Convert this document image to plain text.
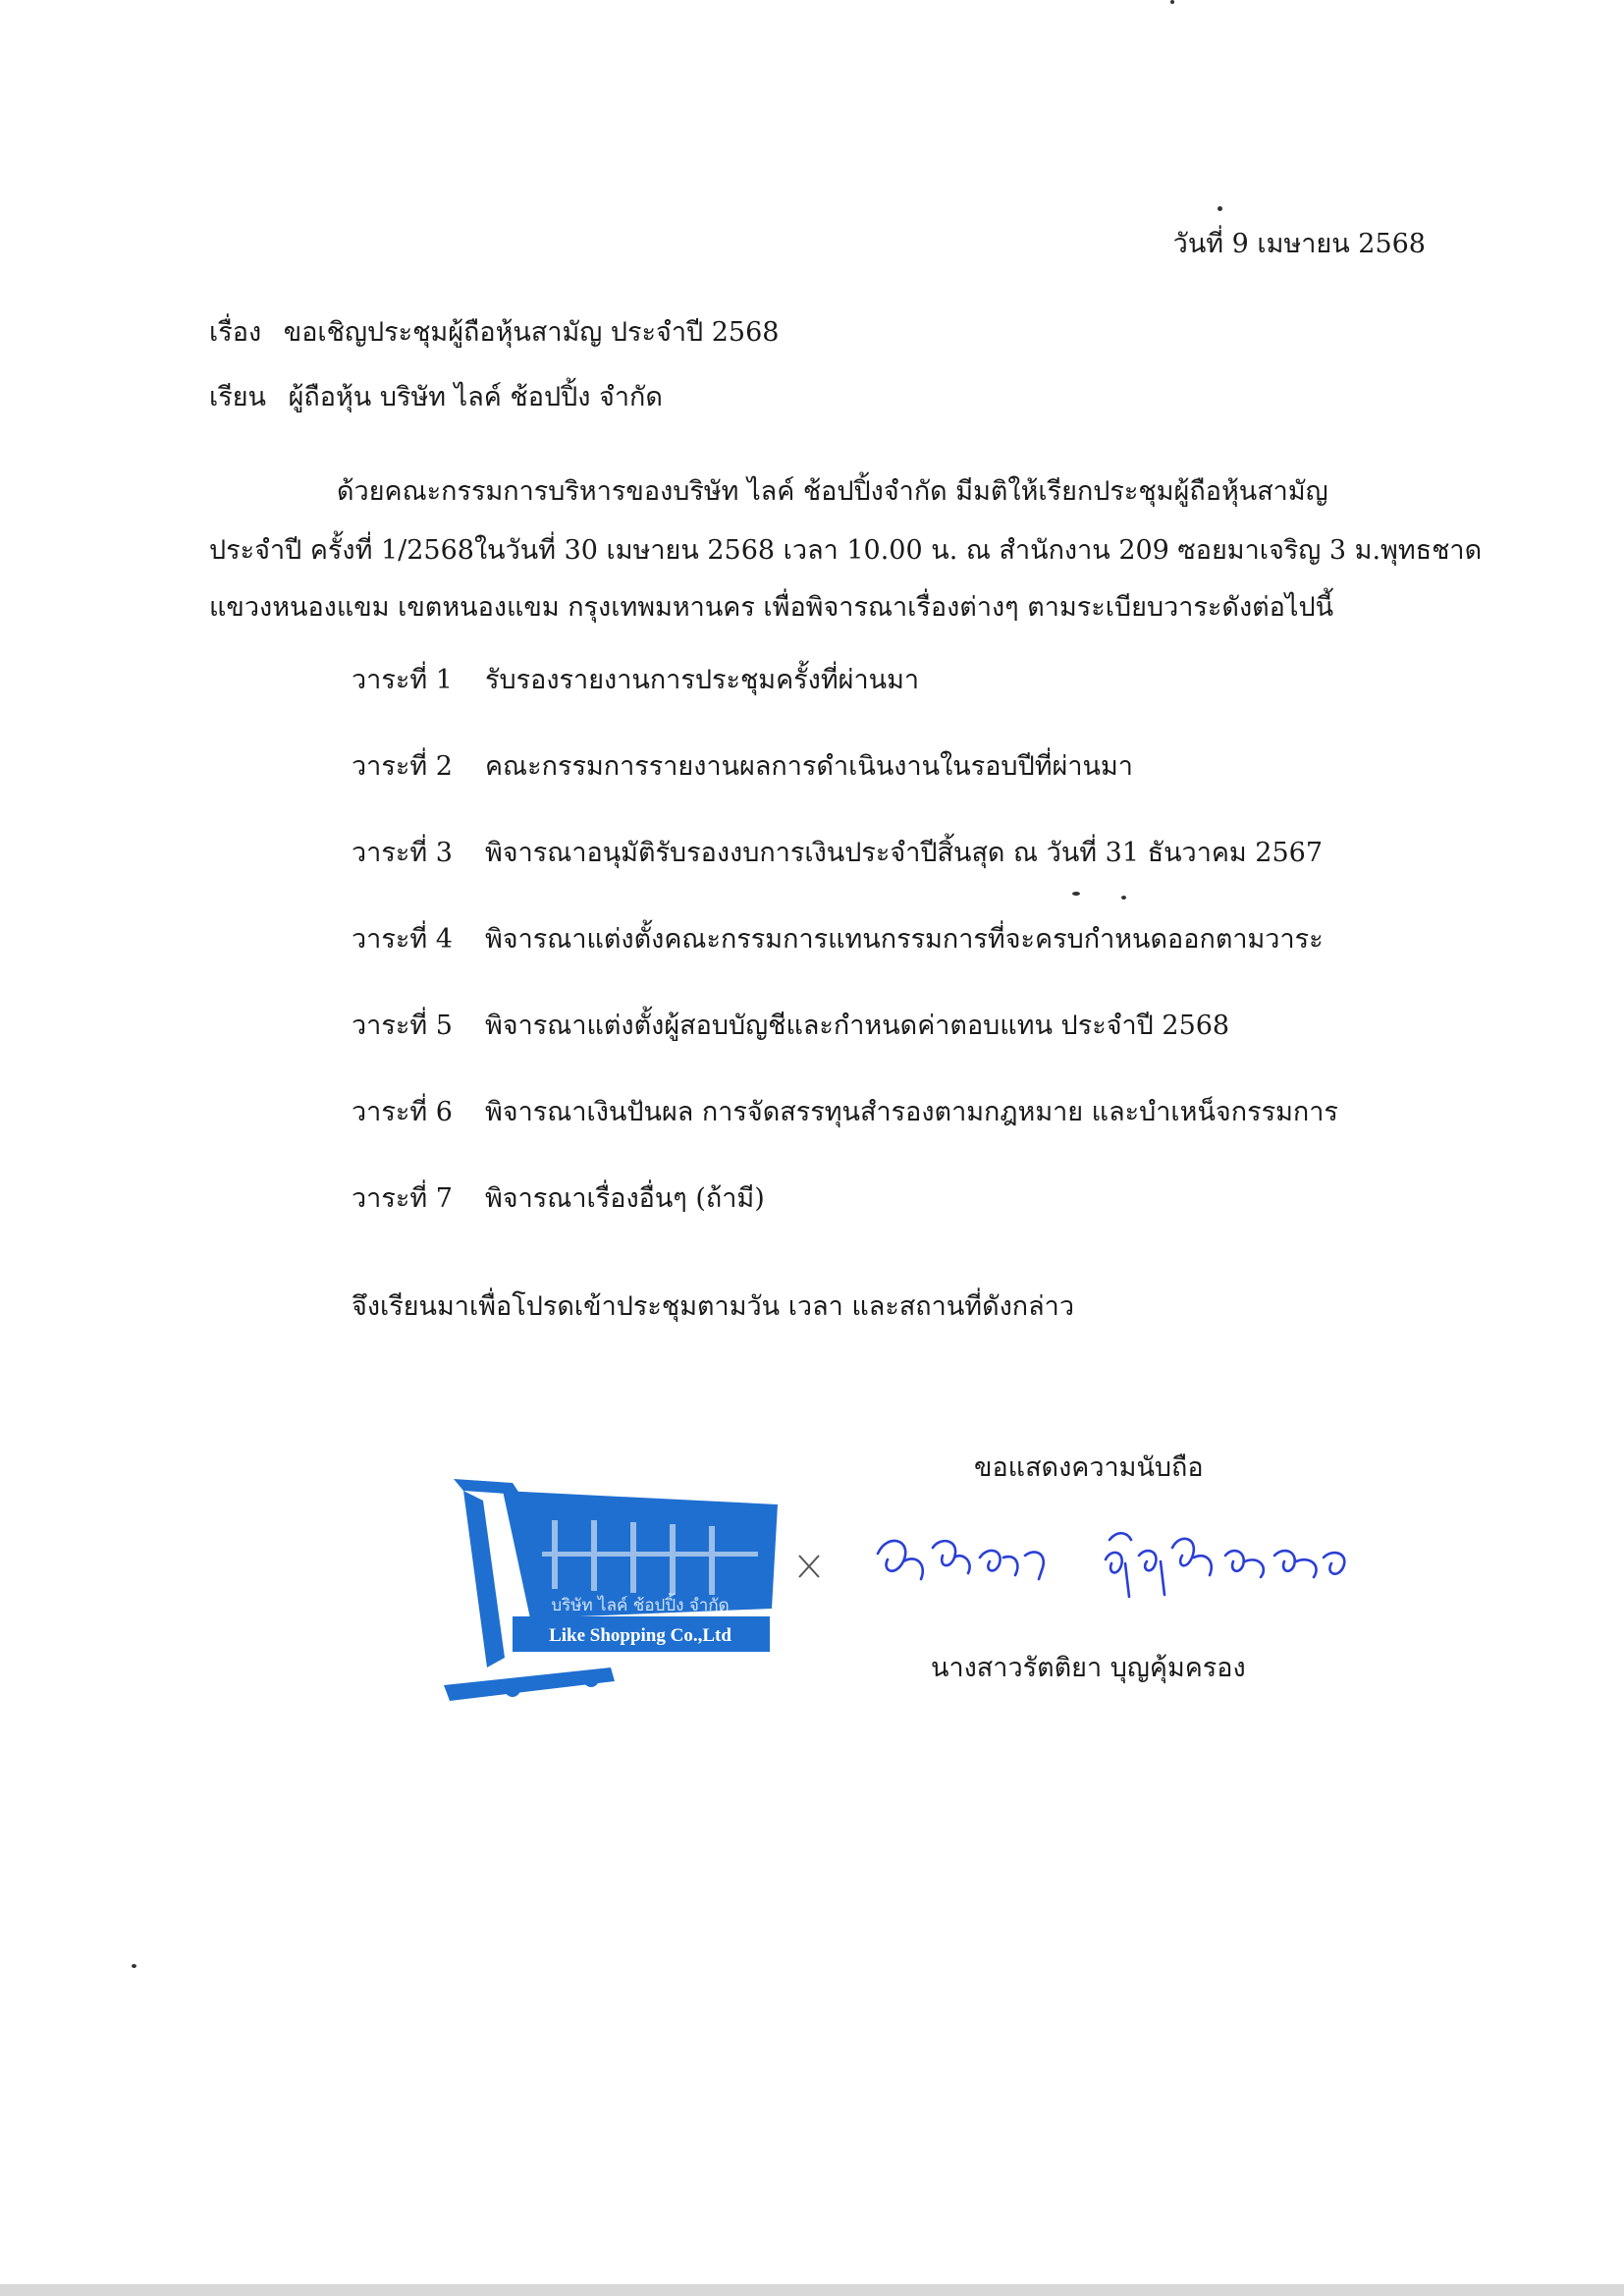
วันที่ 9 เมษายน 2568
เรื่อง ขอเชิญประชุมผู้ถือหุ้นสามัญ ประจำปี 2568
เรียน ผู้ถือหุ้น บริษัท ไลค์ ช้อปปิ้ง จำกัด
ด้วยคณะกรรมการบริหารของบริษัท ไลค์ ช้อปปิ้งจำกัด มีมติให้เรียกประชุมผู้ถือหุ้นสามัญ
ประจำปี ครั้งที่ 1/2568ในวันที่ 30 เมษายน 2568 เวลา 10.00 น. ณ สำนักงาน 209 ซอยมาเจริญ 3 ม.พุทธชาด
แขวงหนองแขม เขตหนองแขม กรุงเทพมหานคร เพื่อพิจารณาเรื่องต่างๆ ตามระเบียบวาระดังต่อไปนี้
วาระที่ 1	รับรองรายงานการประชุมครั้งที่ผ่านมา
วาระที่ 2	คณะกรรมการรายงานผลการดำเนินงานในรอบปีที่ผ่านมา
วาระที่ 3	พิจารณาอนุมัติรับรองงบการเงินประจำปีสิ้นสุด ณ วันที่ 31 ธันวาคม 2567
วาระที่ 4	พิจารณาแต่งตั้งคณะกรรมการแทนกรรมการที่จะครบกำหนดออกตามวาระ
วาระที่ 5	พิจารณาแต่งตั้งผู้สอบบัญชีและกำหนดค่าตอบแทน ประจำปี 2568
วาระที่ 6	พิจารณาเงินปันผล การจัดสรรทุนสำรองตามกฎหมาย และบำเหน็จกรรมการ
วาระที่ 7	พิจารณาเรื่องอื่นๆ (ถ้ามี)
จึงเรียนมาเพื่อโปรดเข้าประชุมตามวัน เวลา และสถานที่ดังกล่าว
ขอแสดงความนับถือ
บริษัท ไลค์ ช้อปปิ้ง จำกัด
Like Shopping Co.,Ltd
นางสาวรัตติยา บุญคุ้มครอง
